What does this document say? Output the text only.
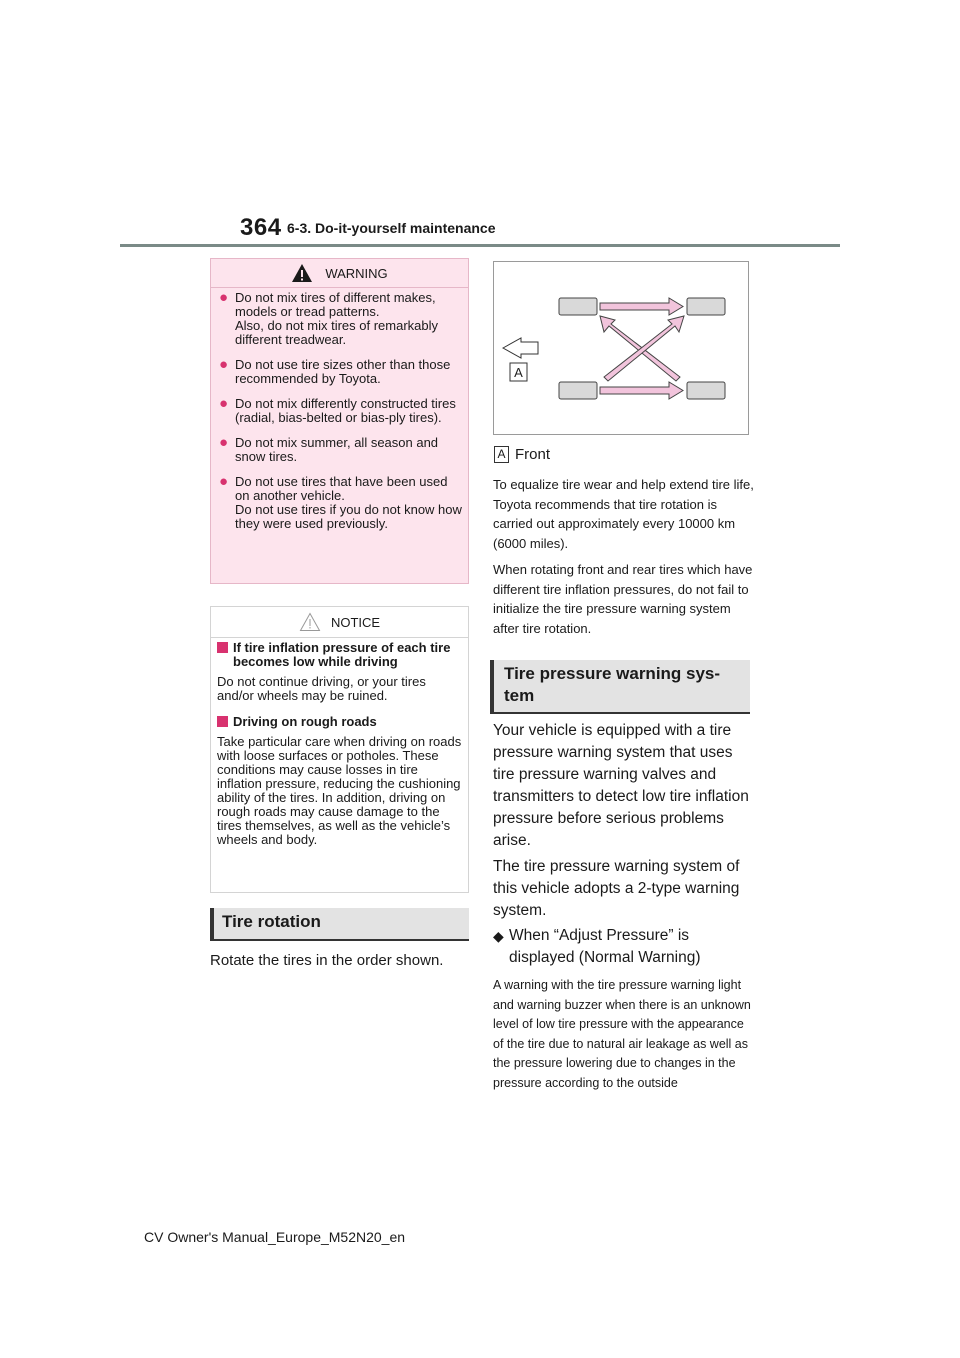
364 6-3. Do-it-yourself maintenance
WARNING
● Do not mix tires of different makes, models or tread patterns.
Also, do not mix tires of remarkably different treadwear.
● Do not use tire sizes other than those recommended by Toyota.
● Do not mix differently constructed tires (radial, bias-belted or bias-ply tires).
● Do not mix summer, all season and snow tires.
● Do not use tires that have been used on another vehicle.
Do not use tires if you do not know how they were used previously.
NOTICE
If tire inflation pressure of each tire becomes low while driving
Do not continue driving, or your tires and/or wheels may be ruined.
Driving on rough roads
Take particular care when driving on roads with loose surfaces or potholes. These conditions may cause losses in tire inflation pressure, reducing the cushioning ability of the tires. In addition, driving on rough roads may cause damage to the tires themselves, as well as the vehicle’s wheels and body.
Tire rotation
Rotate the tires in the order shown.
A
A Front
To equalize tire wear and help extend tire life, Toyota recommends that tire rotation is carried out approximately every 10000 km (6000 miles).
When rotating front and rear tires which have different tire inflation pressures, do not fail to initialize the tire pressure warning system after tire rotation.
Tire pressure warning sys-
tem
Your vehicle is equipped with a tire pressure warning system that uses tire pressure warning valves and transmitters to detect low tire inflation pressure before serious problems arise.
The tire pressure warning system of this vehicle adopts a 2-type warning system.
◆ When “Adjust Pressure” is displayed (Normal Warning)
A warning with the tire pressure warning light and warning buzzer when there is an unknown level of low tire pressure with the appearance of the tire due to natural air leakage as well as the pressure lowering due to changes in the pressure according to the outside
CV Owner's Manual_Europe_M52N20_en
